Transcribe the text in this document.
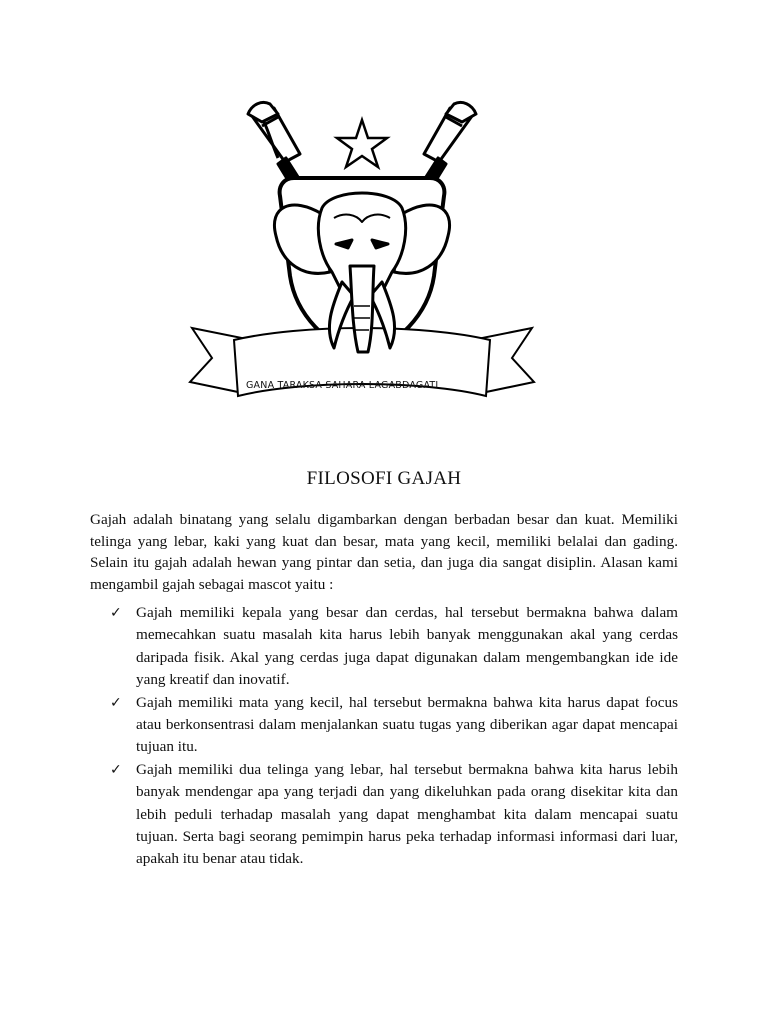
GANA TARAKSA SAHARA LAGABDAGATI
FILOSOFI GAJAH

Gajah adalah binatang yang selalu digambarkan dengan berbadan besar dan kuat. Memiliki telinga yang lebar, kaki yang kuat dan besar, mata yang kecil, memiliki belalai dan gading. Selain itu gajah adalah hewan yang pintar dan setia, dan juga dia sangat disiplin. Alasan kami mengambil gajah sebagai mascot yaitu :

✓ Gajah memiliki kepala yang besar dan cerdas, hal tersebut bermakna bahwa dalam memecahkan suatu masalah kita harus lebih banyak menggunakan akal yang cerdas daripada fisik. Akal yang cerdas juga dapat digunakan dalam mengembangkan ide ide yang kreatif dan inovatif.
✓ Gajah memiliki mata yang kecil, hal tersebut bermakna bahwa kita harus dapat focus atau berkonsentrasi dalam menjalankan suatu tugas yang diberikan agar dapat mencapai tujuan itu.
✓ Gajah memiliki dua telinga yang lebar, hal tersebut bermakna bahwa kita harus lebih banyak mendengar apa yang terjadi dan yang dikeluhkan pada orang disekitar kita dan lebih peduli terhadap masalah yang dapat menghambat kita dalam mencapai suatu tujuan. Serta bagi seorang pemimpin harus peka terhadap informasi informasi dari luar, apakah itu benar atau tidak.
